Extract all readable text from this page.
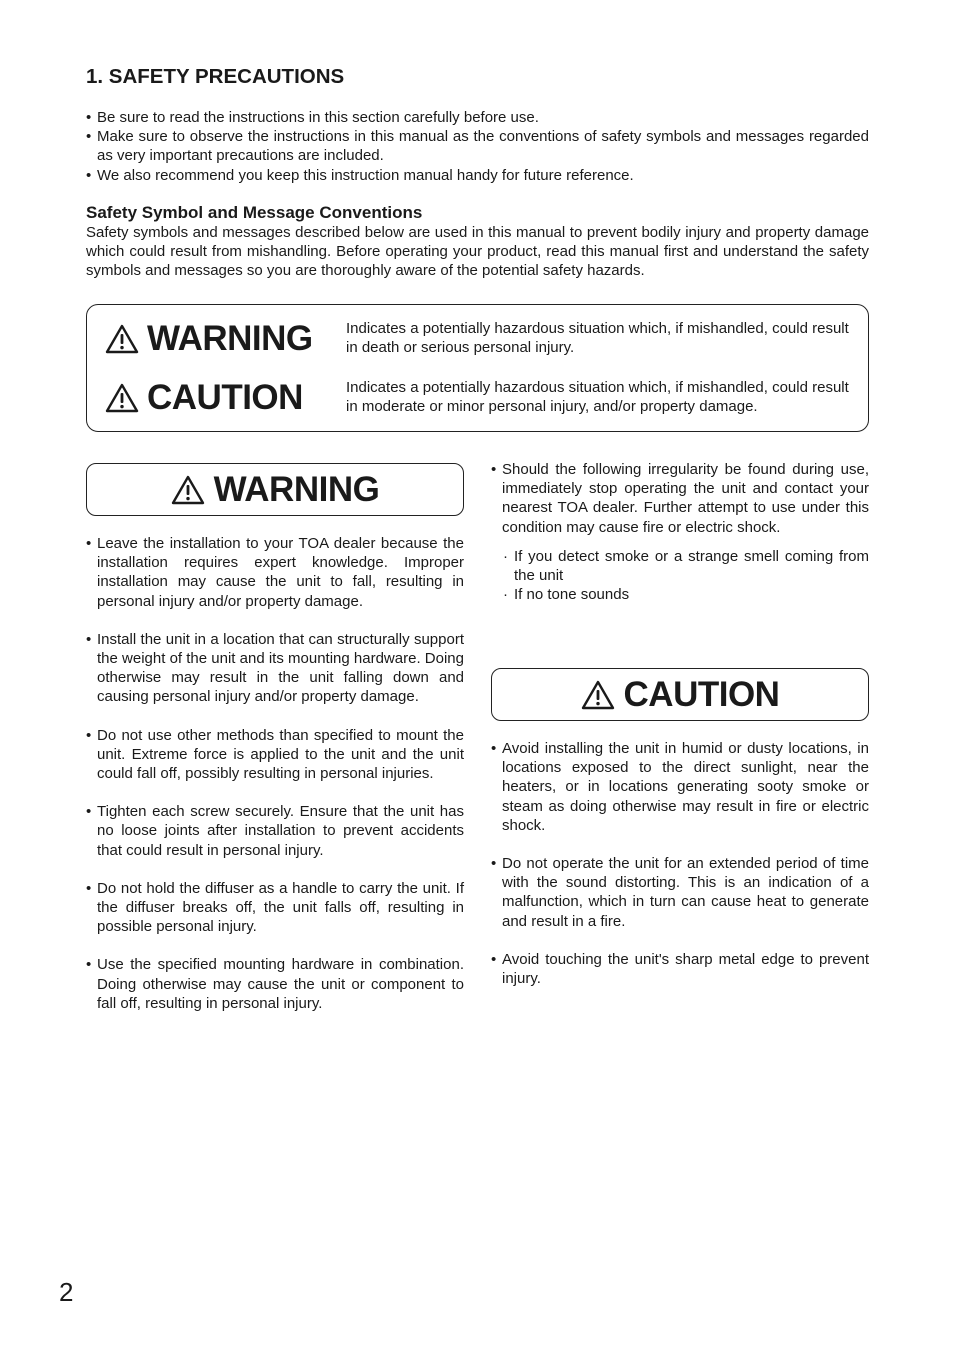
1. SAFETY PRECAUTIONS
• Be sure to read the instructions in this section carefully before use.
• Make sure to observe the instructions in this manual as the conventions of safety symbols and messages regarded as very important precautions are included.
• We also recommend you keep this instruction manual handy for future reference.
Safety Symbol and Message Conventions

Safety symbols and messages described below are used in this manual to prevent bodily injury and property damage which could result from mishandling. Before operating your product, read this manual first and understand the safety symbols and messages so you are thoroughly aware of the potential safety hazards.

WARNING Indicates a potentially hazardous situation which, if mishandled, could result in death or serious personal injury.
CAUTION	Indicates a potentially hazardous situation which, if mishandled, could result in moderate or minor personal injury, and/or property damage.
WARNING
• Leave the installation to your TOA dealer because the installation requires expert knowledge. Improper installation may cause the unit to fall, resulting in personal injury and/or property damage.
• Install the unit in a location that can structurally support the weight of the unit and its mounting hardware. Doing otherwise may result in the unit falling down and causing personal injury and/or property damage.
• Do not use other methods than specified to mount the unit. Extreme force is applied to the unit and the unit could fall off, possibly resulting in personal injuries.
• Tighten each screw securely. Ensure that the unit has no loose joints after installation to prevent accidents that could result in personal injury.
• Do not hold the diffuser as a handle to carry the unit. If the diffuser breaks off, the unit falls off, resulting in possible personal injury.
• Use the specified mounting hardware in combination. Doing otherwise may cause the unit or component to fall off, resulting in personal injury.
• Should the following irregularity be found during use, immediately stop operating the unit and contact your nearest TOA dealer. Further attempt to use under this condition may cause fire or electric shock.
· If you detect smoke or a strange smell coming from the unit
· If no tone sounds
CAUTION
• Avoid installing the unit in humid or dusty locations, in locations exposed to the direct sunlight, near the heaters, or in locations generating sooty smoke or steam as doing otherwise may result in fire or electric shock.
• Do not operate the unit for an extended period of time with the sound distorting. This is an indication of a malfunction, which in turn can cause heat to generate and result in a fire.
• Avoid touching the unit's sharp metal edge to prevent injury.
2
